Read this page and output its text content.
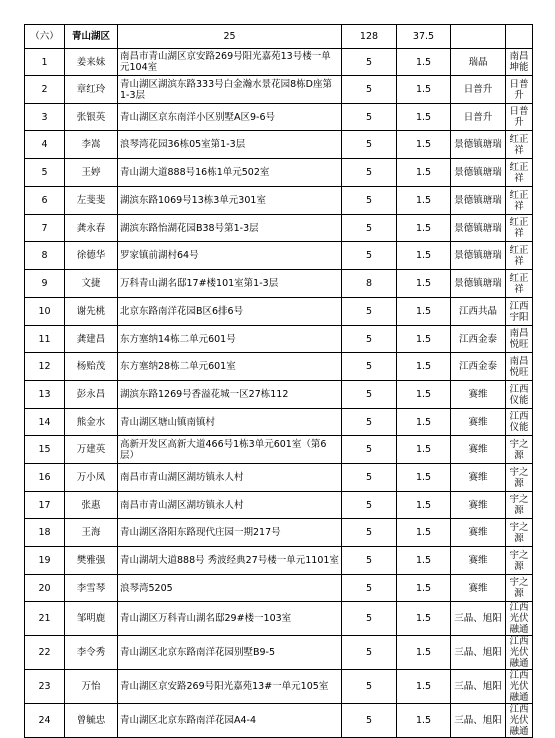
（六）	青山湖区	25	128	37.5		
1	姜来妹	南昌市青山湖区京安路269号阳光嘉苑13号楼一单元104室	5	1.5	瑞晶	南昌坤能
2	章红玲	青山湖区湖滨东路333号白金瀚水景花园8栋D座第1-3层	5	1.5	日普升	日普升
3	张银英	青山湖区京东南洋小区别墅A区9-6号	5	1.5	日普升	日普升
4	李嵩	浪琴湾花园36栋05室第1-3层	5	1.5	景德镇瑭瑞	红正祥
5	王婷	青山湖大道888号16栋1单元502室	5	1.5	景德镇瑭瑞	红正祥
6	左斐斐	湖滨东路1069号13栋3单元301室	5	1.5	景德镇瑭瑞	红正祥
7	龚永春	湖滨东路怡湖花园B38号第1-3层	5	1.5	景德镇瑭瑞	红正祥
8	徐德华	罗家镇前湖村64号	5	1.5	景德镇瑭瑞	红正祥
9	文捷	万科青山湖名邸17#楼101室第1-3层	8	1.5	景德镇瑭瑞	红正祥
10	谢先桃	北京东路南洋花园B区6排6号	5	1.5	江西共晶	江西宇阳
11	龚建昌	东方塞纳14栋二单元601号	5	1.5	江西金泰	南昌悦旺
12	杨贻茂	东方塞纳28栋二单元601室	5	1.5	江西金泰	南昌悦旺
13	彭永昌	湖滨东路1269号香溢花城一区27栋112	5	1.5	赛维	江西仪能
14	熊金水	青山湖区塘山镇南镇村	5	1.5	赛维	江西仪能
15	万建英	高新开发区高新大道466号1栋3单元601室（第6层）	5	1.5	赛维	宇之源
16	万小凤	南昌市青山湖区湖坊镇永人村	5	1.5	赛维	宇之源
17	张惠	南昌市青山湖区湖坊镇永人村	5	1.5	赛维	宇之源
18	王海	青山湖区洛阳东路现代庄园一期217号	5	1.5	赛维	宇之源
19	樊雅强	青山湖胡大道888号 秀波经典27号楼一单元1101室	5	1.5	赛维	宇之源
20	李雪琴	浪琴湾5205	5	1.5	赛维	宇之源
21	邹明鹿	青山湖区万科青山湖名邸29#楼一103室	5	1.5	三晶、旭阳	江西光伏融通
22	李令秀	青山湖区北京东路南洋花园别墅B9-5	5	1.5	三晶、旭阳	江西光伏融通
23	万怡	青山湖区京安路269号阳光嘉苑13#一单元105室	5	1.5	三晶、旭阳	江西光伏融通
24	曾毓忠	青山湖区北京东路南洋花园A4-4	5	1.5	三晶、旭阳	江西光伏融通
